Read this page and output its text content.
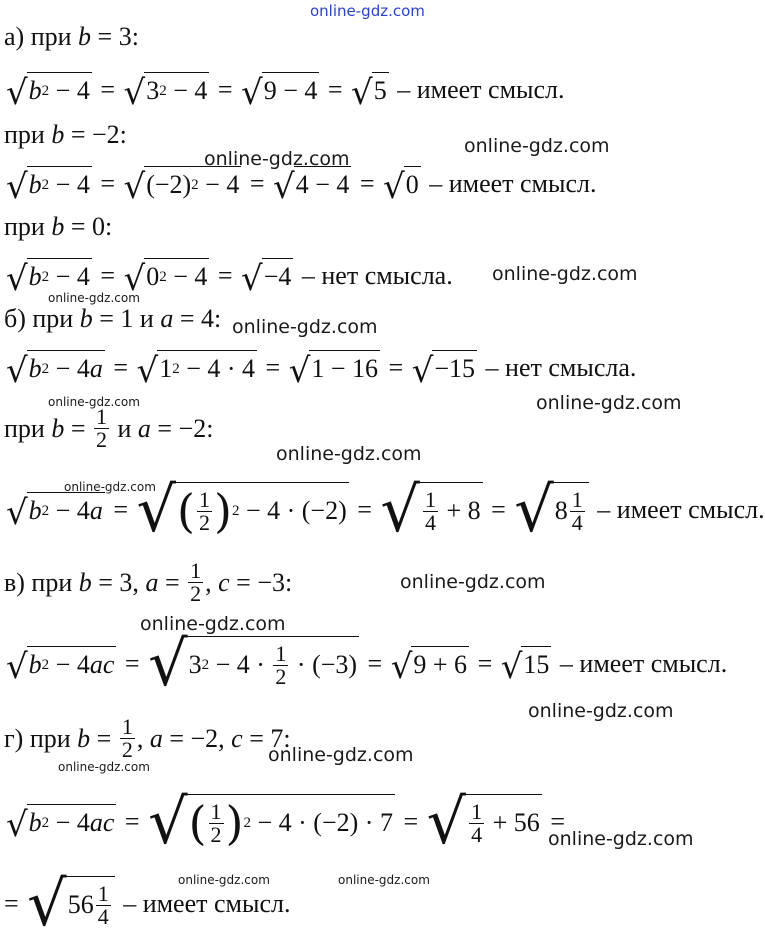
online-gdz.com
а) при b = 3:
√ b 2 − 4 = √ 3 2 − 4 = √ 9 − 4 = √ 5
– имеет смысл.
при b = −2:
√ b 2 − 4 = √ (−2) 2 − 4 = √ 4 − 4 = √ 0
– имеет смысл.
при b = 0:
√ b 2 − 4 = √ 0 2 − 4 = √ −4
– нет смысла.
б) при b = 1 и a = 4:
√ b 2 − 4 a = √ 1 2 − 4 · 4 = √ 1 − 16 = √ −15
– нет смысла.
при
$b = \frac{1}{2}$
и
a = −2:
√ b 2 − 4 a = √ ( $\frac{1}{2}$ ) 2 − 4 · (−2) = √ $\frac{1}{4} + 8$ = √ $8 \frac{1}{4}$
– имеет смысл.
в) при
b = 3, $a = \frac{1}{2}$ , c = −3:
√ b 2 − 4 ac = √ 3 $2 - 4 \cdot \frac{1}{2} \cdot (-3)$ = √ 9 + 6 = √ 15
– имеет смысл.
г) при
$b = \frac{1}{2}$ , a = −2, c = 7:
√ b 2 − 4 ac = √ ( $\frac{1}{2}$ ) 2 − 4 · (−2) · 7 = √ $\frac{1}{4} + 56$ =
= √ $56 \frac{1}{4}$
– имеет смысл.
online-gdz.com
online-gdz.com
online-gdz.com
online-gdz.com
online-gdz.com
online-gdz.com
online-gdz.com
online-gdz.com
online-gdz.com
online-gdz.com
online-gdz.com
online-gdz.com
online-gdz.com
online-gdz.com
online-gdz.com
online-gdz.com	online-gdz.com
